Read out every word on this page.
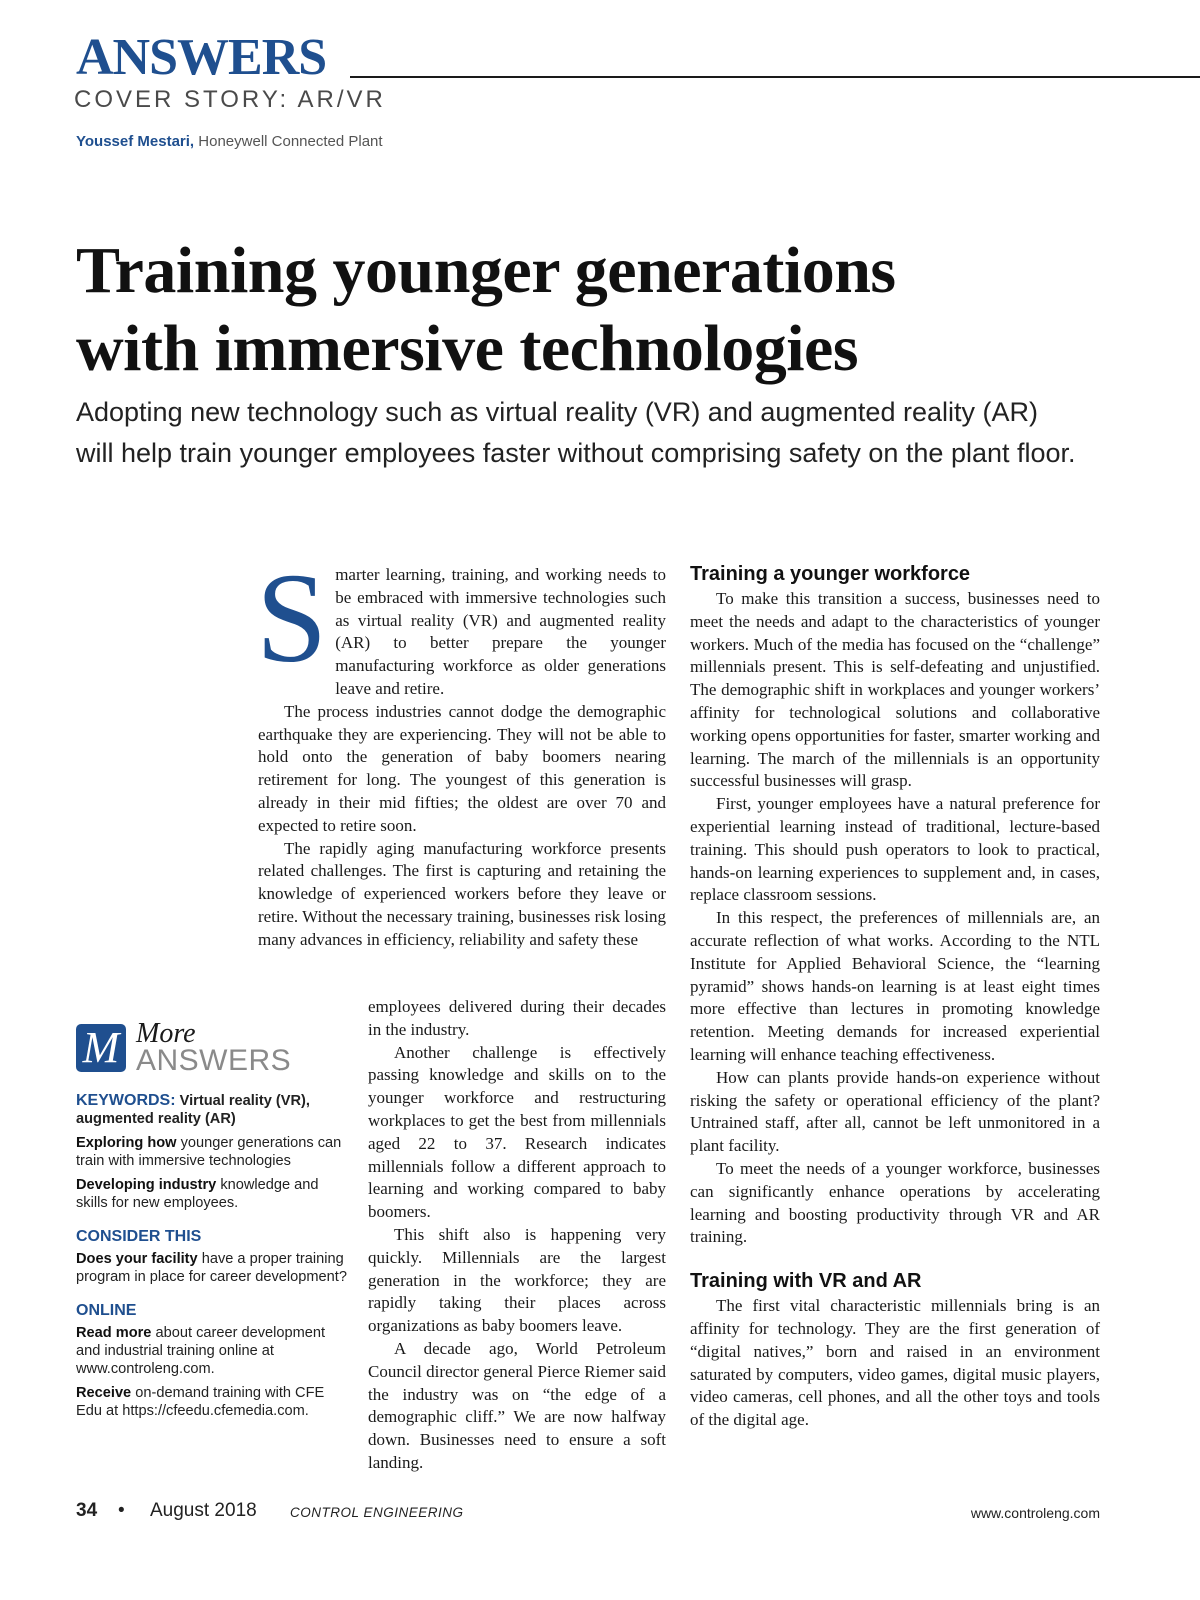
ANSWERS
COVER STORY: AR/VR
Youssef Mestari, Honeywell Connected Plant
Training younger generations
with immersive technologies
Adopting new technology such as virtual reality (VR) and augmented reality (AR) will help train younger employees faster without comprising safety on the plant floor.

Smarter learning, training, and working needs to be embraced with immersive technologies such as virtual reality (VR) and augmented reality (AR) to better prepare the younger manufacturing workforce as older generations leave and retire.

The process industries cannot dodge the demographic earthquake they are experiencing. They will not be able to hold onto the generation of baby boomers nearing retirement for long. The youngest of this generation is already in their mid fifties; the oldest are over 70 and expected to retire soon.

The rapidly aging manufacturing workforce presents related challenges. The first is capturing and retaining the knowledge of experienced workers before they leave or retire. Without the necessary training, businesses risk losing many advances in efficiency, reliability and safety these

employees delivered during their decades in the industry.

Another challenge is effectively passing knowledge and skills on to the younger workforce and restructuring workplaces to get the best from millennials aged 22 to 37. Research indicates millennials follow a different approach to learning and working compared to baby boomers.

This shift also is happening very quickly. Millennials are the largest generation in the workforce; they are rapidly taking their places across organizations as baby boomers leave.

A decade ago, World Petroleum Council director general Pierce Riemer said the industry was on “the edge of a demographic cliff.” We are now halfway down. Businesses need to ensure a soft landing.

Training a younger workforce

To make this transition a success, businesses need to meet the needs and adapt to the characteristics of younger workers. Much of the media has focused on the “challenge” millennials present. This is self-defeating and unjustified. The demographic shift in workplaces and younger workers’ affinity for technological solutions and collaborative working opens opportunities for faster, smarter working and learning. The march of the millennials is an opportunity successful businesses will grasp.

First, younger employees have a natural preference for experiential learning instead of traditional, lecture-based training. This should push operators to look to practical, hands-on learning experiences to supplement and, in cases, replace classroom sessions.

In this respect, the preferences of millennials are, an accurate reflection of what works. According to the NTL Institute for Applied Behavioral Science, the “learning pyramid” shows hands-on learning is at least eight times more effective than lectures in promoting knowledge retention. Meeting demands for increased experiential learning will enhance teaching effectiveness.

How can plants provide hands-on experience without risking the safety or operational efficiency of the plant? Untrained staff, after all, cannot be left unmonitored in a plant facility.

To meet the needs of a younger workforce, businesses can significantly enhance operations by accelerating learning and boosting productivity through VR and AR training.

Training with VR and AR

The first vital characteristic millennials bring is an affinity for technology. They are the first generation of “digital natives,” born and raised in an environment saturated by computers, video games, digital music players, video cameras, cell phones, and all the other toys and tools of the digital age.

M More
ANSWERS
KEYWORDS: Virtual reality (VR), augmented reality (AR)
Exploring how younger generations can train with immersive technologies
Developing industry knowledge and skills for new employees.
CONSIDER THIS
Does your facility have a proper training program in place for career development?
ONLINE
Read more about career development and industrial training online at www.controleng.com.
Receive on-demand training with CFE Edu at https://cfeedu.cfemedia.com.
34 • August 2018 CONTROL ENGINEERING	www.controleng.com
